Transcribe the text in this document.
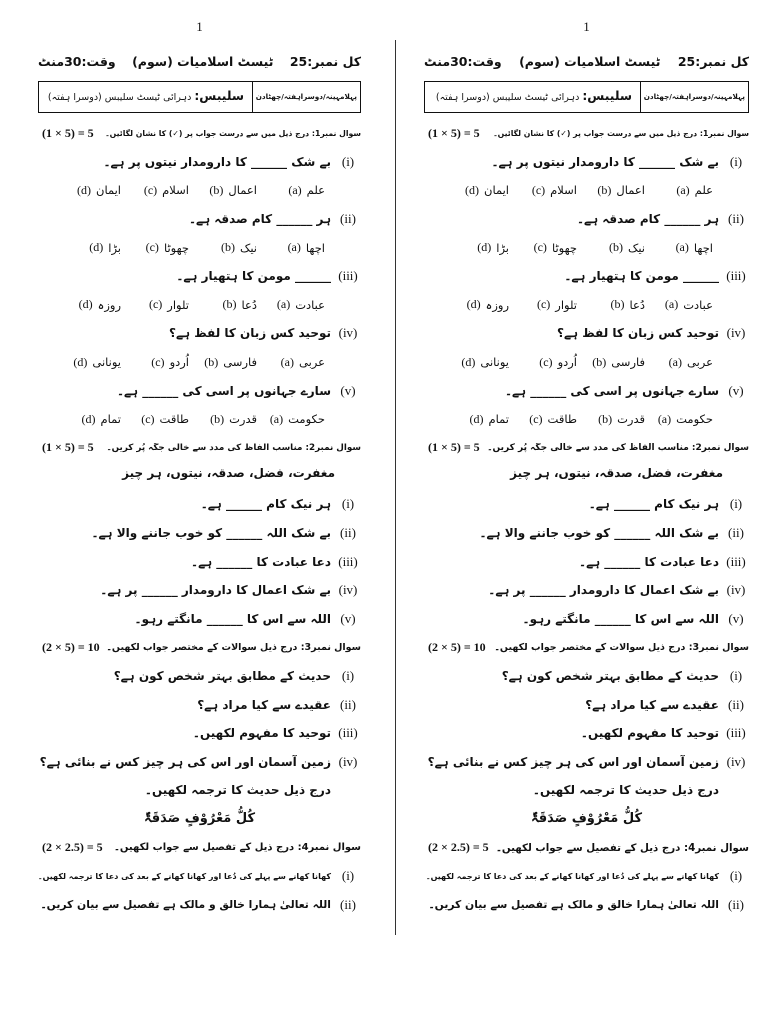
1
کل نمبر:25
ٹیسٹ اسلامیات (سوم)
وقت:30منٹ
پہلامہینہ/دوسراہفتہ/چھٹادن
سلیبس: دہرائی ٹیسٹ سلیبس (دوسرا ہفتہ)
سوال نمبر1: درج ذیل میں سے درست جواب پر (✓) کا نشان لگائیں۔
(1 × 5) = 5
(i)
بے شک ______ کا دارومدار نیتوں پر ہے۔
(a) علم
(b) اعمال
(c) اسلام
(d) ایمان
(ii)
ہر ______ کام صدقہ ہے۔
(a) اچھا
(b) نیک
(c) چھوٹا
(d) بڑا
(iii)
______ مومن کا ہتھیار ہے۔
(a) عبادت
(b) دُعا
(c) تلوار
(d) روزہ
(iv)
توحید کس زبان کا لفظ ہے؟
(a) عربی
(b) فارسی
(c) اُردو
(d) یونانی
(v)
سارے جہانوں پر اسی کی ______ ہے۔
(a) حکومت
(b) قدرت
(c) طاقت
(d) تمام
سوال نمبر2: مناسب الفاظ کی مدد سے خالی جگہ پُر کریں۔
(1 × 5) = 5
مغفرت، فضل، صدقہ، نیتوں، ہر چیز
(i)
ہر نیک کام ______ ہے۔
(ii)
بے شک اللہ ______ کو خوب جاننے والا ہے۔
(iii)
دعا عبادت کا ______ ہے۔
(iv)
بے شک اعمال کا دارومدار ______ پر ہے۔
(v)
اللہ سے اس کا ______ مانگتے رہو۔
سوال نمبر3: درج ذیل سوالات کے مختصر جواب لکھیں۔
(2 × 5) = 10
(i)
حدیث کے مطابق بہتر شخص کون ہے؟
(ii)
عقیدے سے کیا مراد ہے؟
(iii)
توحید کا مفہوم لکھیں۔
(iv)
زمین آسمان اور اس کی ہر چیز کس نے بنائی ہے؟
درج ذیل حدیث کا ترجمہ لکھیں۔
کُلُّ مَعْرُوْفٍ صَدَقَۃٌ
سوال نمبر4: درج ذیل کے تفصیل سے جواب لکھیں۔
(2 × 2.5) = 5
(i)
کھانا کھانے سے پہلے کی دُعا اور کھانا کھانے کے بعد کی دعا کا ترجمہ لکھیں۔
(ii)
اللہ تعالیٰ ہمارا خالق و مالک ہے تفصیل سے بیان کریں۔
1
کل نمبر:25
ٹیسٹ اسلامیات (سوم)
وقت:30منٹ
پہلامہینہ/دوسراہفتہ/چھٹادن
سلیبس: دہرائی ٹیسٹ سلیبس (دوسرا ہفتہ)
سوال نمبر1: درج ذیل میں سے درست جواب پر (✓) کا نشان لگائیں۔
(1 × 5) = 5
(i)
بے شک ______ کا دارومدار نیتوں پر ہے۔
(a) علم
(b) اعمال
(c) اسلام
(d) ایمان
(ii)
ہر ______ کام صدقہ ہے۔
(a) اچھا
(b) نیک
(c) چھوٹا
(d) بڑا
(iii)
______ مومن کا ہتھیار ہے۔
(a) عبادت
(b) دُعا
(c) تلوار
(d) روزہ
(iv)
توحید کس زبان کا لفظ ہے؟
(a) عربی
(b) فارسی
(c) اُردو
(d) یونانی
(v)
سارے جہانوں پر اسی کی ______ ہے۔
(a) حکومت
(b) قدرت
(c) طاقت
(d) تمام
سوال نمبر2: مناسب الفاظ کی مدد سے خالی جگہ پُر کریں۔
(1 × 5) = 5
مغفرت، فضل، صدقہ، نیتوں، ہر چیز
(i)
ہر نیک کام ______ ہے۔
(ii)
بے شک اللہ ______ کو خوب جاننے والا ہے۔
(iii)
دعا عبادت کا ______ ہے۔
(iv)
بے شک اعمال کا دارومدار ______ پر ہے۔
(v)
اللہ سے اس کا ______ مانگتے رہو۔
سوال نمبر3: درج ذیل سوالات کے مختصر جواب لکھیں۔
(2 × 5) = 10
(i)
حدیث کے مطابق بہتر شخص کون ہے؟
(ii)
عقیدے سے کیا مراد ہے؟
(iii)
توحید کا مفہوم لکھیں۔
(iv)
زمین آسمان اور اس کی ہر چیز کس نے بنائی ہے؟
درج ذیل حدیث کا ترجمہ لکھیں۔
کُلُّ مَعْرُوْفٍ صَدَقَۃٌ
سوال نمبر4: درج ذیل کے تفصیل سے جواب لکھیں۔
(2 × 2.5) = 5
(i)
کھانا کھانے سے پہلے کی دُعا اور کھانا کھانے کے بعد کی دعا کا ترجمہ لکھیں۔
(ii)
اللہ تعالیٰ ہمارا خالق و مالک ہے تفصیل سے بیان کریں۔
